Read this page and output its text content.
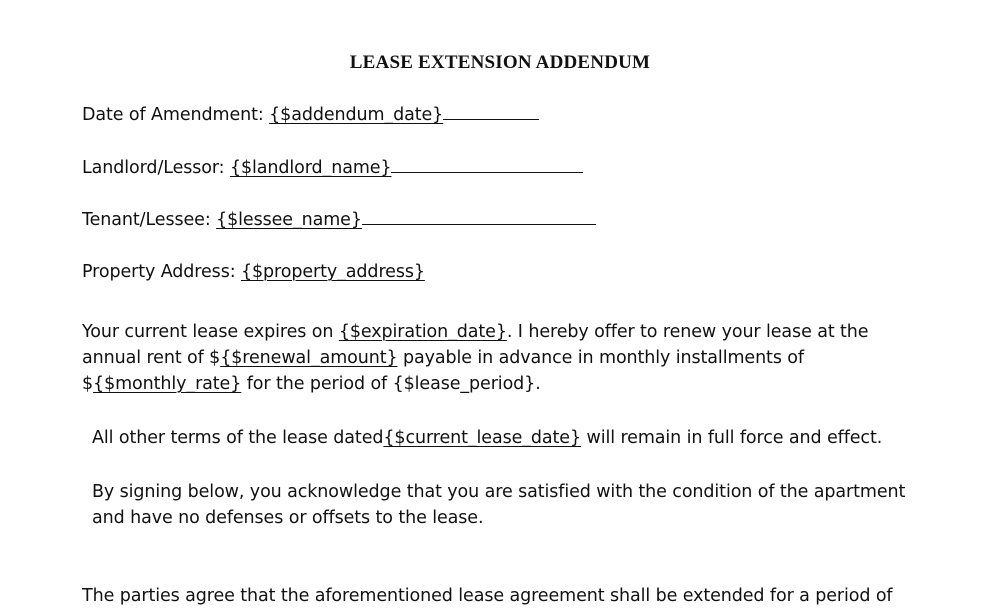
LEASE EXTENSION ADDENDUM
Date of Amendment: {$addendum_date}
Landlord/Lessor: {$landlord_name}
Tenant/Lessee: {$lessee_name}
Property Address: {$property_address}
Your current lease expires on {$expiration_date}. I hereby offer to renew your lease at the
annual rent of ${$renewal_amount} payable in advance in monthly installments of
${$monthly_rate} for the period of {$lease_period}.
All other terms of the lease dated{$current_lease_date} will remain in full force and effect.
By signing below, you acknowledge that you are satisfied with the condition of the apartment
and have no defenses or offsets to the lease.
The parties agree that the aforementioned lease agreement shall be extended for a period of
